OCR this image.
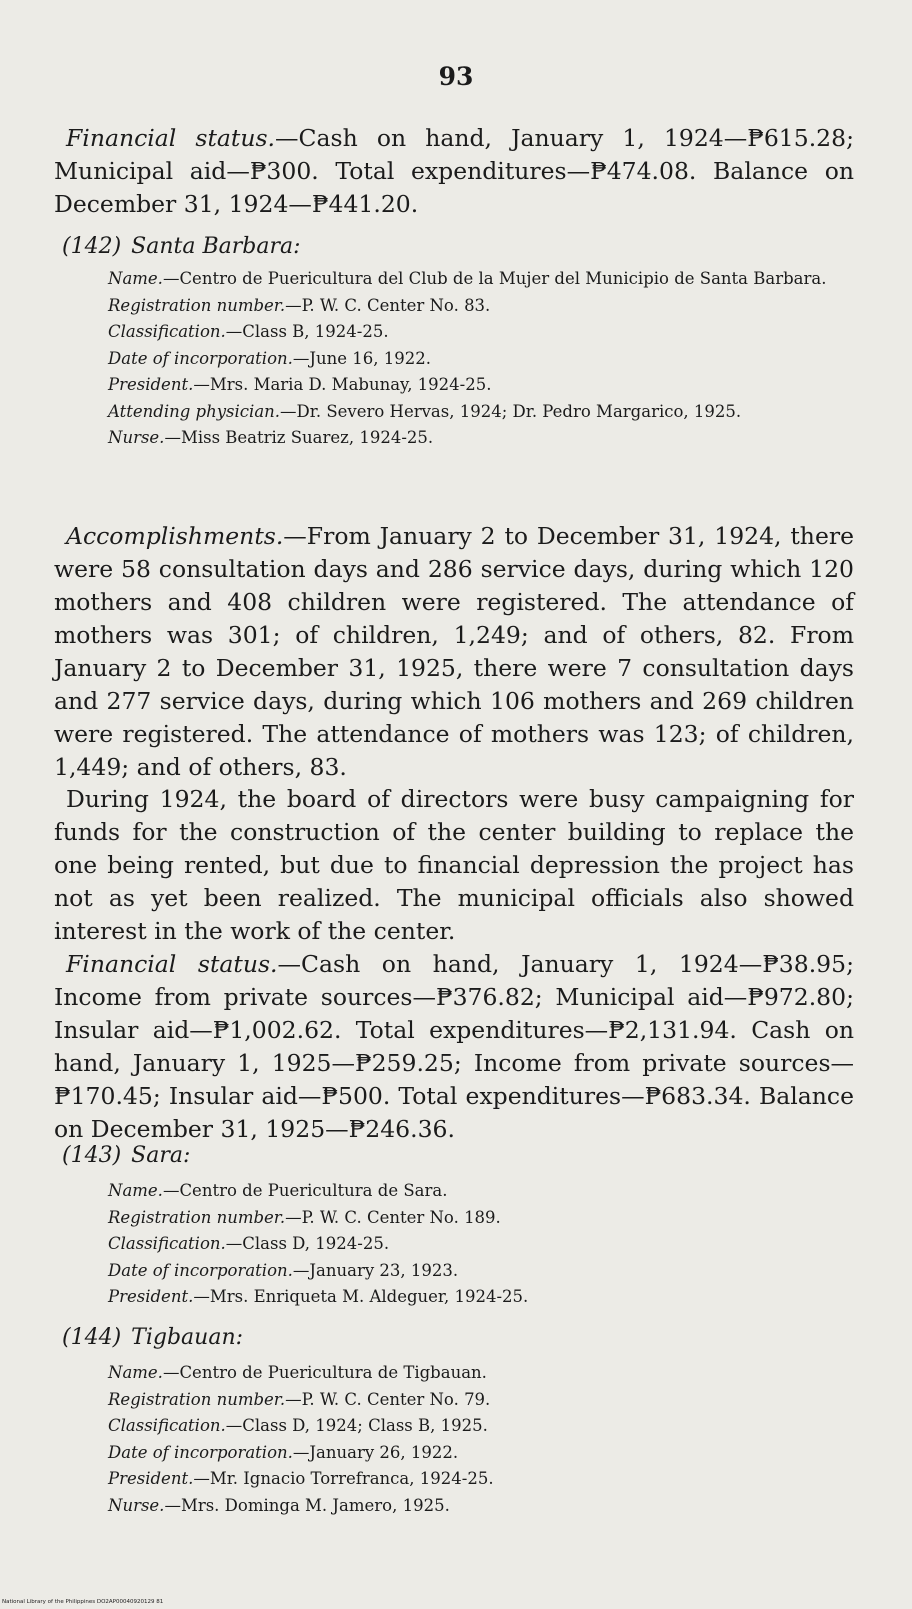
93
Financial status.—Cash on hand, January 1, 1924—₱615.28; Municipal aid—₱300. Total expenditures—₱474.08. Balance on December 31, 1924—₱441.20.
(142) Santa Barbara:
Name.—Centro de Puericultura del Club de la Mujer del Municipio de Santa Barbara.
Registration number.—P. W. C. Center No. 83.
Classification.—Class B, 1924-25.
Date of incorporation.—June 16, 1922.
President.—Mrs. Maria D. Mabunay, 1924-25.
Attending physician.—Dr. Severo Hervas, 1924; Dr. Pedro Margarico, 1925.
Nurse.—Miss Beatriz Suarez, 1924-25.
Accomplishments.—From January 2 to December 31, 1924, there were 58 consultation days and 286 service days, during which 120 mothers and 408 children were registered. The attendance of mothers was 301; of children, 1,249; and of others, 82. From January 2 to December 31, 1925, there were 7 consultation days and 277 service days, during which 106 mothers and 269 children were registered. The attendance of mothers was 123; of children, 1,449; and of others, 83.
During 1924, the board of directors were busy campaigning for funds for the construction of the center building to replace the one being rented, but due to financial depression the project has not as yet been realized. The municipal officials also showed interest in the work of the center.
Financial status.—Cash on hand, January 1, 1924—₱38.95; Income from private sources—₱376.82; Municipal aid—₱972.80; Insular aid—₱1,002.62. Total expenditures—₱2,131.94. Cash on hand, January 1, 1925—₱259.25; Income from private sources—₱170.45; Insular aid—₱500. Total expenditures—₱683.34. Balance on December 31, 1925—₱246.36.
(143) Sara:
Name.—Centro de Puericultura de Sara.
Registration number.—P. W. C. Center No. 189.
Classification.—Class D, 1924-25.
Date of incorporation.—January 23, 1923.
President.—Mrs. Enriqueta M. Aldeguer, 1924-25.
(144) Tigbauan:
Name.—Centro de Puericultura de Tigbauan.
Registration number.—P. W. C. Center No. 79.
Classification.—Class D, 1924; Class B, 1925.
Date of incorporation.—January 26, 1922.
President.—Mr. Ignacio Torrefranca, 1924-25.
Nurse.—Mrs. Dominga M. Jamero, 1925.
National Library of the Philippines DO2AP00040920129 81
